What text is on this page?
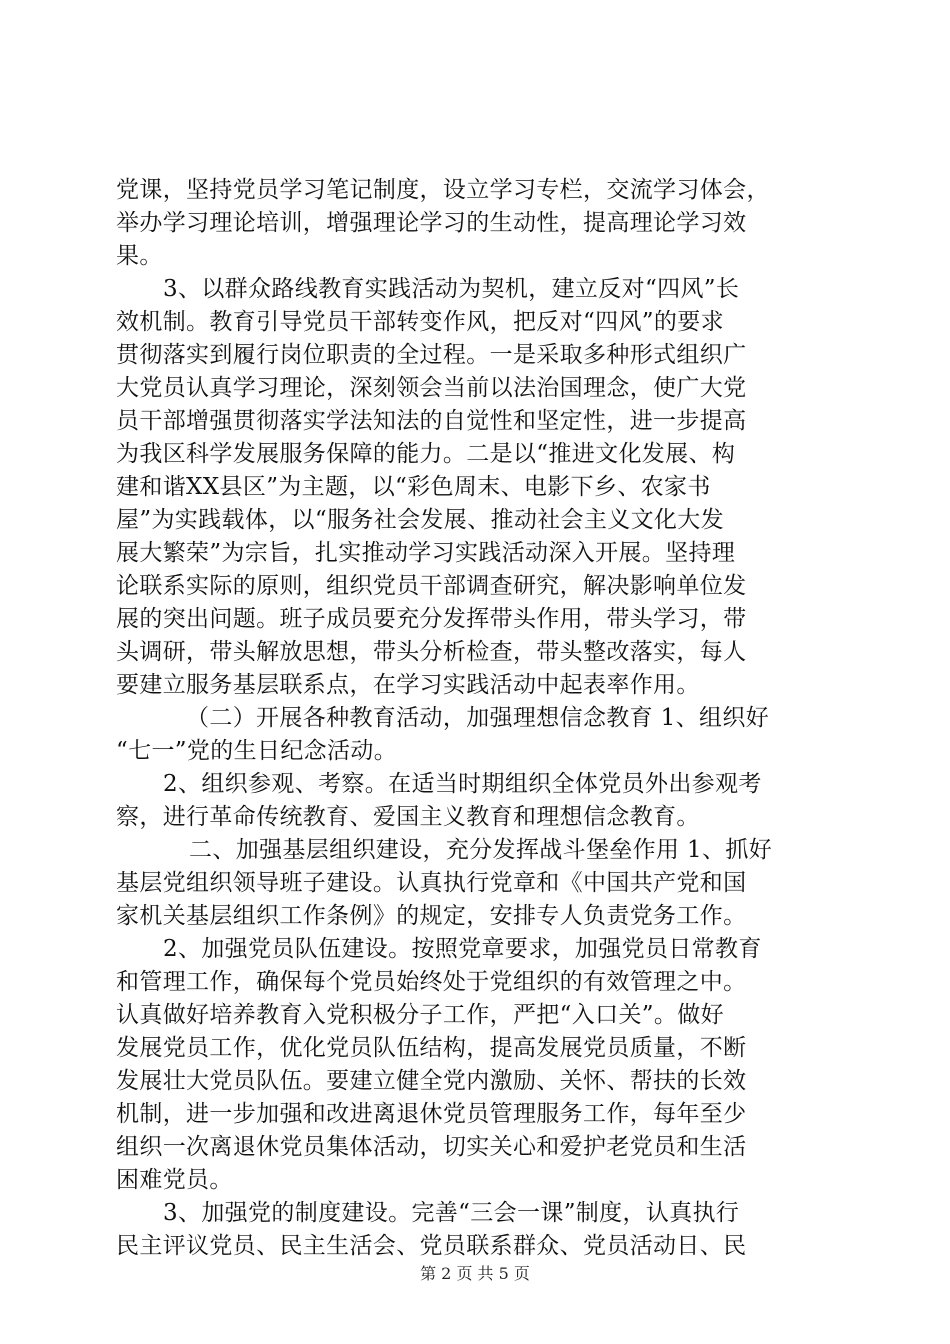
党课，坚持党员学习笔记制度，设立学习专栏，交流学习体会，
举办学习理论培训，增强理论学习的生动性，提高理论学习效
果。
3、以群众路线教育实践活动为契机，建立反对“四风”长
效机制。教育引导党员干部转变作风，把反对“四风”的要求
贯彻落实到履行岗位职责的全过程。一是采取多种形式组织广
大党员认真学习理论，深刻领会当前以法治国理念，使广大党
员干部增强贯彻落实学法知法的自觉性和坚定性，进一步提高
为我区科学发展服务保障的能力。二是以“推进文化发展、构
建和谐XX县区”为主题，以“彩色周末、电影下乡、农家书
屋”为实践载体，以“服务社会发展、推动社会主义文化大发
展大繁荣”为宗旨，扎实推动学习实践活动深入开展。坚持理
论联系实际的原则，组织党员干部调查研究，解决影响单位发
展的突出问题。班子成员要充分发挥带头作用，带头学习，带
头调研，带头解放思想，带头分析检查，带头整改落实，每人
要建立服务基层联系点，在学习实践活动中起表率作用。
（二）开展各种教育活动，加强理想信念教育 1、组织好
“七一”党的生日纪念活动。
2、组织参观、考察。在适当时期组织全体党员外出参观考
察，进行革命传统教育、爱国主义教育和理想信念教育。
二、加强基层组织建设，充分发挥战斗堡垒作用 1、抓好
基层党组织领导班子建设。认真执行党章和《中国共产党和国
家机关基层组织工作条例》的规定，安排专人负责党务工作。
2、加强党员队伍建设。按照党章要求，加强党员日常教育
和管理工作，确保每个党员始终处于党组织的有效管理之中。
认真做好培养教育入党积极分子工作，严把“入口关”。做好
发展党员工作，优化党员队伍结构，提高发展党员质量，不断
发展壮大党员队伍。要建立健全党内激励、关怀、帮扶的长效
机制，进一步加强和改进离退休党员管理服务工作，每年至少
组织一次离退休党员集体活动，切实关心和爱护老党员和生活
困难党员。
3、加强党的制度建设。完善“三会一课”制度，认真执行
民主评议党员、民主生活会、党员联系群众、党员活动日、民
第 2 页 共 5 页
